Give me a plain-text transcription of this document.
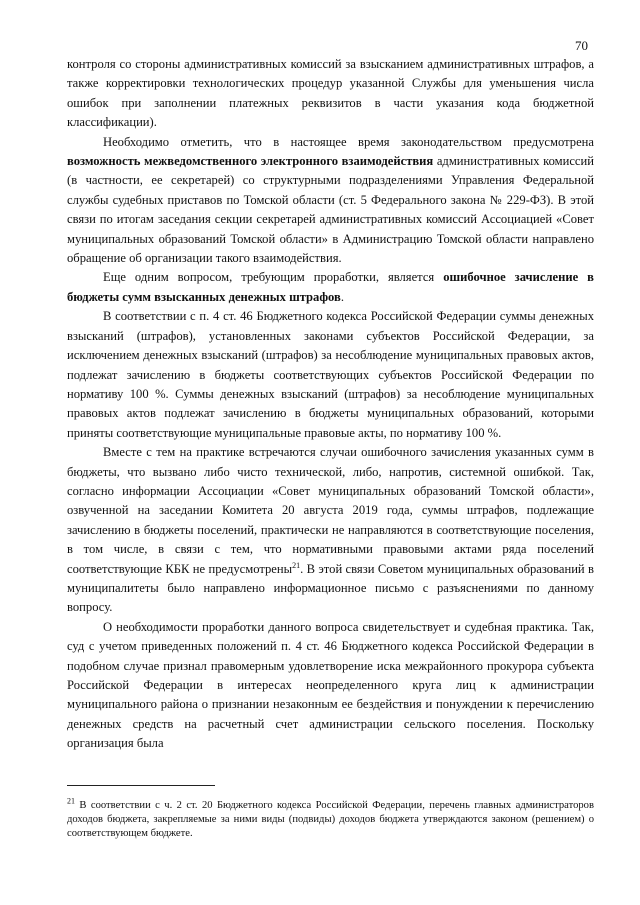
70

контроля со стороны административных комиссий за взысканием административных штрафов, а также корректировки технологических процедур указанной Службы для уменьшения числа ошибок при заполнении платежных реквизитов в части указания кода бюджетной классификации).

Необходимо отметить, что в настоящее время законодательством предусмотрена возможность межведомственного электронного взаимодействия административных комиссий (в частности, ее секретарей) со структурными подразделениями Управления Федеральной службы судебных приставов по Томской области (ст. 5 Федерального закона № 229-ФЗ). В этой связи по итогам заседания секции секретарей административных комиссий Ассоциацией «Совет муниципальных образований Томской области» в Администрацию Томской области направлено обращение об организации такого взаимодействия.

Еще одним вопросом, требующим проработки, является ошибочное зачисление в бюджеты сумм взысканных денежных штрафов.

В соответствии с п. 4 ст. 46 Бюджетного кодекса Российской Федерации суммы денежных взысканий (штрафов), установленных законами субъектов Российской Федерации, за исключением денежных взысканий (штрафов) за несоблюдение муниципальных правовых актов, подлежат зачислению в бюджеты соответствующих субъектов Российской Федерации по нормативу 100 %. Суммы денежных взысканий (штрафов) за несоблюдение муниципальных правовых актов подлежат зачислению в бюджеты муниципальных образований, которыми приняты соответствующие муниципальные правовые акты, по нормативу 100 %.

Вместе с тем на практике встречаются случаи ошибочного зачисления указанных сумм в бюджеты, что вызвано либо чисто технической, либо, напротив, системной ошибкой. Так, согласно информации Ассоциации «Совет муниципальных образований Томской области», озвученной на заседании Комитета 20 августа 2019 года, суммы штрафов, подлежащие зачислению в бюджеты поселений, практически не направляются в соответствующие поселения, в том числе, в связи с тем, что нормативными правовыми актами ряда поселений соответствующие КБК не предусмотрены$^{21}$. В этой связи Советом муниципальных образований в муниципалитеты было направлено информационное письмо с разъяснениями по данному вопросу.

О необходимости проработки данного вопроса свидетельствует и судебная практика. Так, суд с учетом приведенных положений п. 4 ст. 46 Бюджетного кодекса Российской Федерации в подобном случае признал правомерным удовлетворение иска межрайонного прокурора субъекта Российской Федерации в интересах неопределенного круга лиц к администрации муниципального района о признании незаконным ее бездействия и понуждении к перечислению денежных средств на расчетный счет администрации сельского поселения. Поскольку организация была

$^{21}$ В соответствии с ч. 2 ст. 20 Бюджетного кодекса Российской Федерации, перечень главных администраторов доходов бюджета, закрепляемые за ними виды (подвиды) доходов бюджета утверждаются законом (решением) о соответствующем бюджете.
